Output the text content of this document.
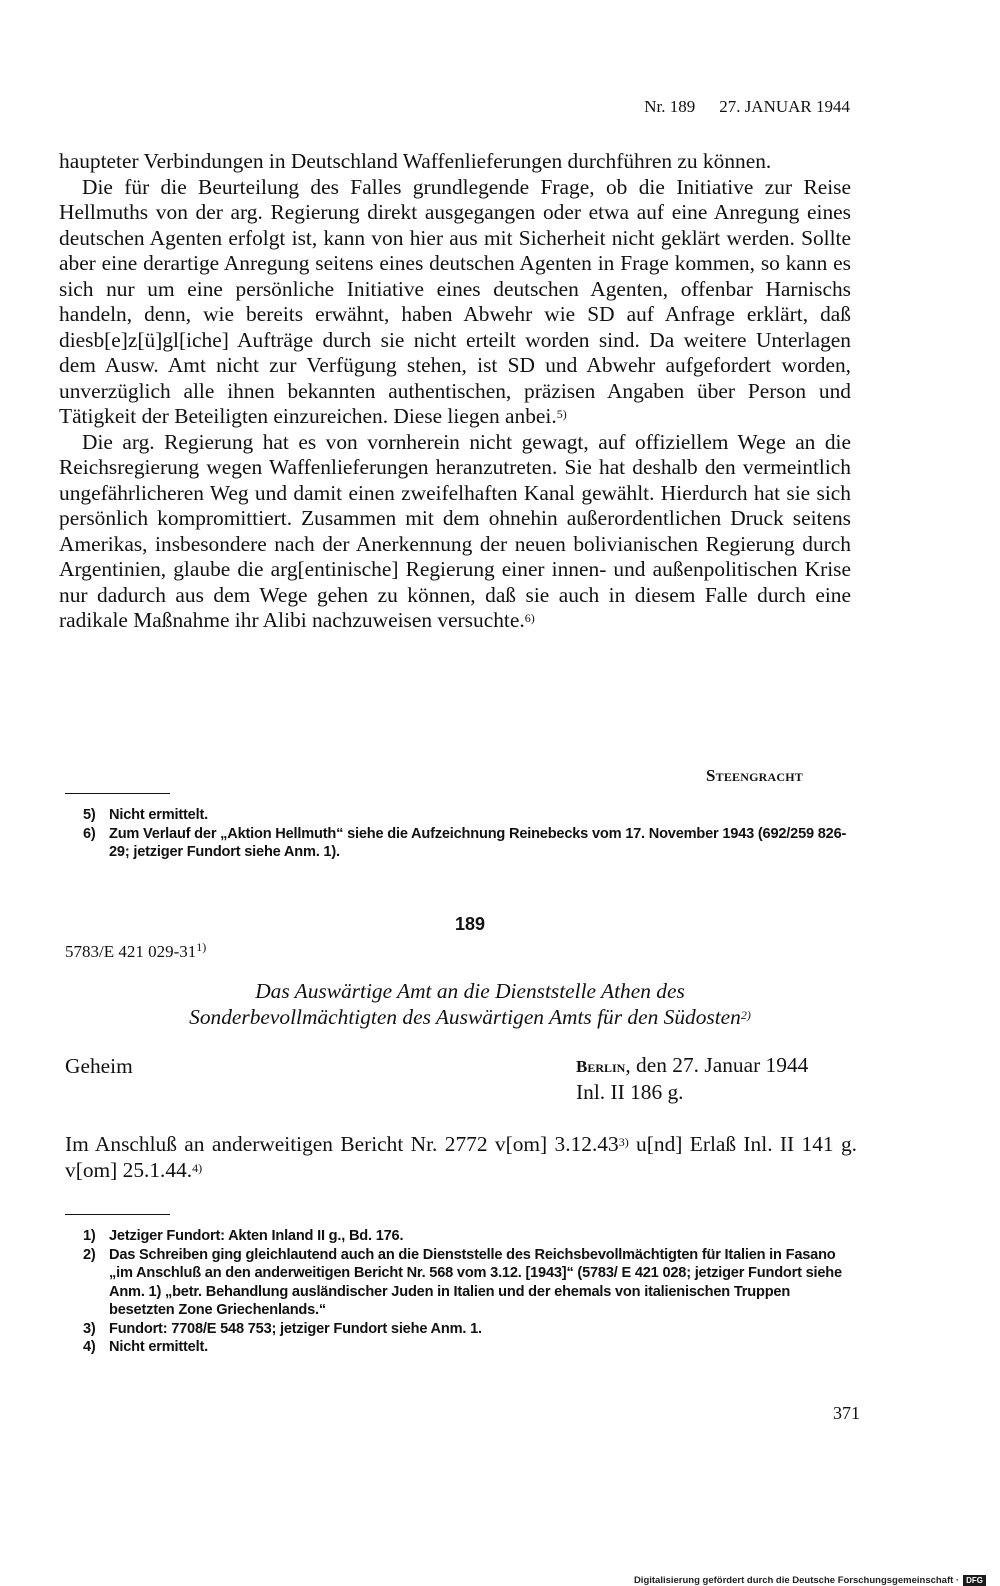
Nr. 189 27. JANUAR 1944

haupteter Verbindungen in Deutschland Waffenlieferungen durchführen zu können.

Die für die Beurteilung des Falles grundlegende Frage, ob die Initiative zur Reise Hellmuths von der arg. Regierung direkt ausgegangen oder etwa auf eine Anregung eines deutschen Agenten erfolgt ist, kann von hier aus mit Sicherheit nicht geklärt werden. Sollte aber eine derartige Anregung seitens eines deutschen Agenten in Frage kommen, so kann es sich nur um eine persönliche Initiative eines deutschen Agenten, offenbar Harnischs handeln, denn, wie bereits erwähnt, haben Abwehr wie SD auf Anfrage erklärt, daß diesb[e]z[ü]gl[iche] Aufträge durch sie nicht erteilt worden sind. Da weitere Unterlagen dem Ausw. Amt nicht zur Verfügung stehen, ist SD und Abwehr aufgefordert worden, unverzüglich alle ihnen bekannten authentischen, präzisen Angaben über Person und Tätigkeit der Beteiligten einzureichen. Diese liegen anbei.$^{5)}$

Die arg. Regierung hat es von vornherein nicht gewagt, auf offiziellem Wege an die Reichsregierung wegen Waffenlieferungen heranzutreten. Sie hat deshalb den vermeintlich ungefährlicheren Weg und damit einen zweifelhaften Kanal gewählt. Hierdurch hat sie sich persönlich kompromittiert. Zusammen mit dem ohnehin außerordentlichen Druck seitens Amerikas, insbesondere nach der Anerkennung der neuen bolivianischen Regierung durch Argentinien, glaube die arg[entinische] Regierung einer innen- und außenpolitischen Krise nur dadurch aus dem Wege gehen zu können, daß sie auch in diesem Falle durch eine radikale Maßnahme ihr Alibi nachzuweisen versuchte.$^{6)}$

Steengracht
5) Nicht ermittelt.
6) Zum Verlauf der „Aktion Hellmuth“ siehe die Aufzeichnung Reinebecks vom 17. November 1943 (692/259 826-29; jetziger Fundort siehe Anm. 1).
189
5783/E 421 029-31$^{1)}$

Das Auswärtige Amt an die Dienststelle Athen des

Sonderbevollmächtigten des Auswärtigen Amts für den Südosten$^{2)}$

Geheim	Berlin, den 27. Januar 1944
Inl. II 186 g.

Im Anschluß an anderweitigen Bericht Nr. 2772 v[om] 3.12.43$^{3)}$ u[nd] Erlaß Inl. II 141 g. v[om] 25.1.44.$^{4)}$

1) Jetziger Fundort: Akten Inland II g., Bd. 176.
2) Das Schreiben ging gleichlautend auch an die Dienststelle des Reichsbevollmächtigten für Italien in Fasano „im Anschluß an den anderweitigen Bericht Nr. 568 vom 3.12. [1943]“ (5783/ E 421 028; jetziger Fundort siehe Anm. 1) „betr. Behandlung ausländischer Juden in Italien und der ehemals von italienischen Truppen besetzten Zone Griechenlands.“
3) Fundort: 7708/E 548 753; jetziger Fundort siehe Anm. 1.
4) Nicht ermittelt.
371
Digitalisierung gefördert durch die Deutsche Forschungsgemeinschaft · DFG
